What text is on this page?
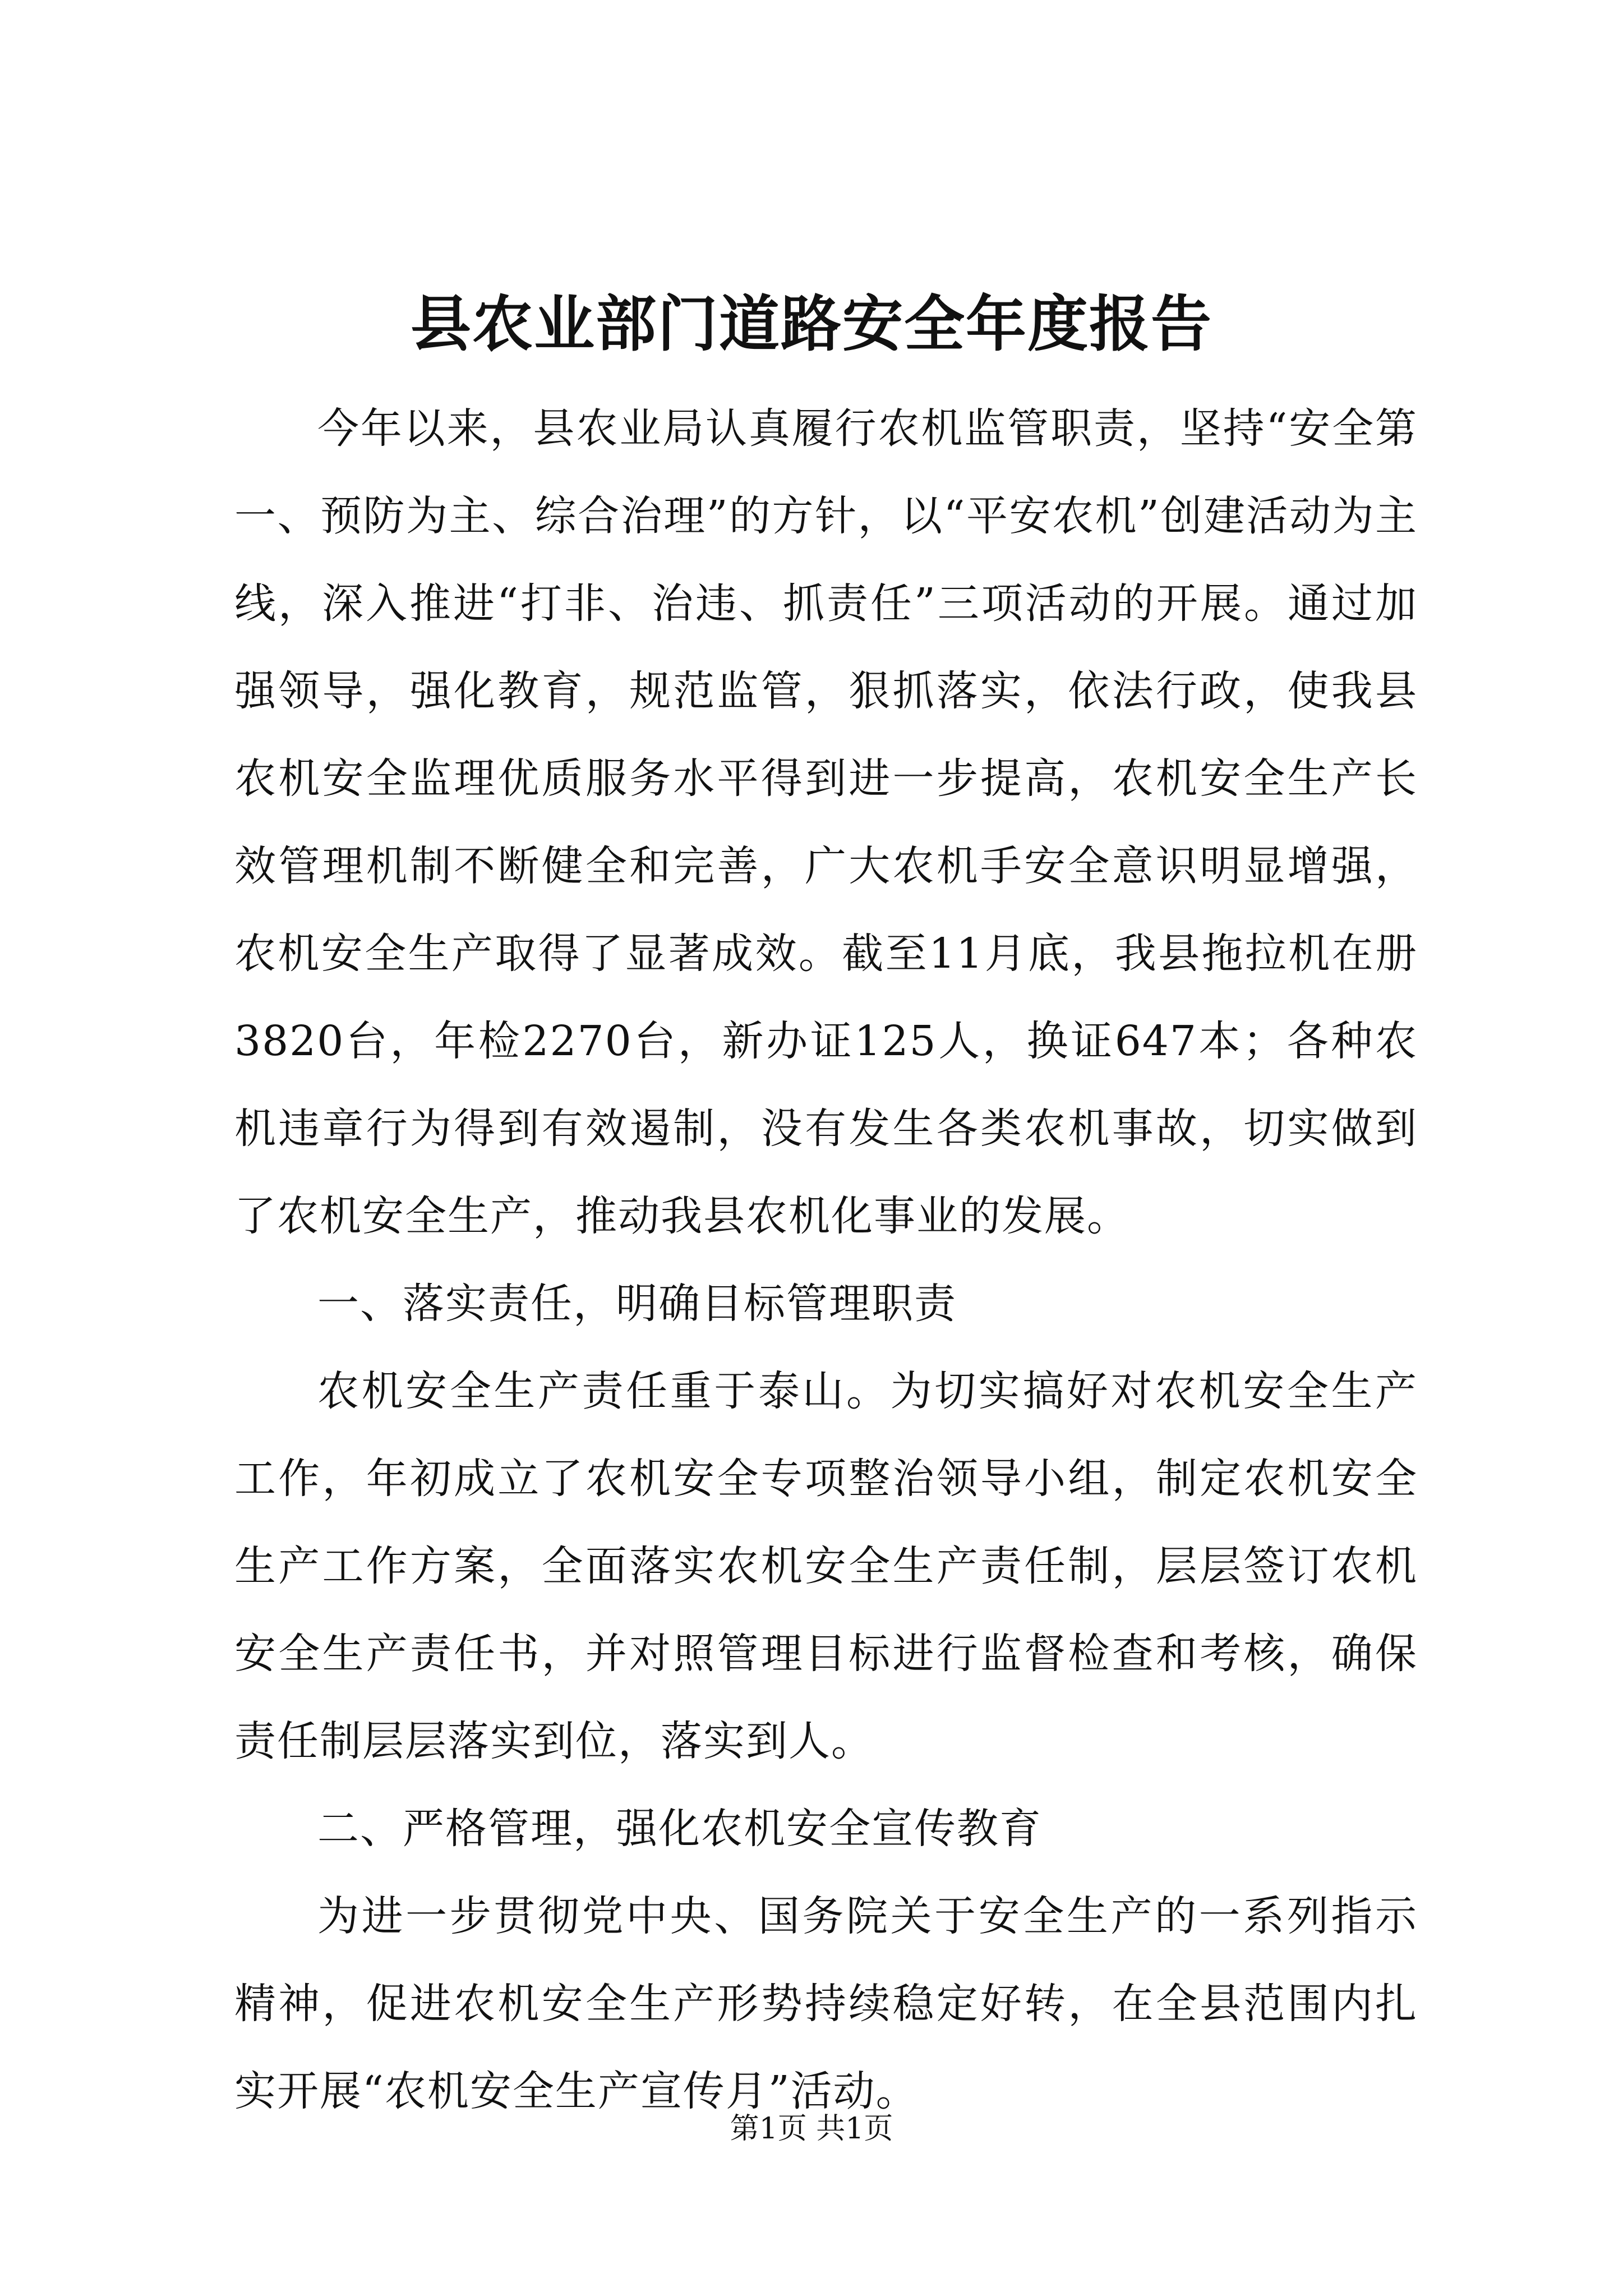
县农业部门道路安全年度报告

今年以来，县农业局认真履行农机监管职责，坚持“安全第一、预防为主、综合治理”的方针，以“平安农机”创建活动为主线，深入推进“打非、治违、抓责任”三项活动的开展。通过加强领导，强化教育，规范监管，狠抓落实，依法行政，使我县农机安全监理优质服务水平得到进一步提高，农机安全生产长效管理机制不断健全和完善，广大农机手安全意识明显增强，农机安全生产取得了显著成效。截至11月底，我县拖拉机在册3820台，年检2270台，新办证125人，换证647本；各种农机违章行为得到有效遏制，没有发生各类农机事故，切实做到了农机安全生产，推动我县农机化事业的发展。

一、落实责任，明确目标管理职责

农机安全生产责任重于泰山。为切实搞好对农机安全生产工作，年初成立了农机安全专项整治领导小组，制定农机安全生产工作方案，全面落实农机安全生产责任制，层层签订农机安全生产责任书，并对照管理目标进行监督检查和考核，确保责任制层层落实到位，落实到人。

二、严格管理，强化农机安全宣传教育

为进一步贯彻党中央、国务院关于安全生产的一系列指示精神，促进农机安全生产形势持续稳定好转，在全县范围内扎实开展“农机安全生产宣传月”活动。

第1页 共1页
